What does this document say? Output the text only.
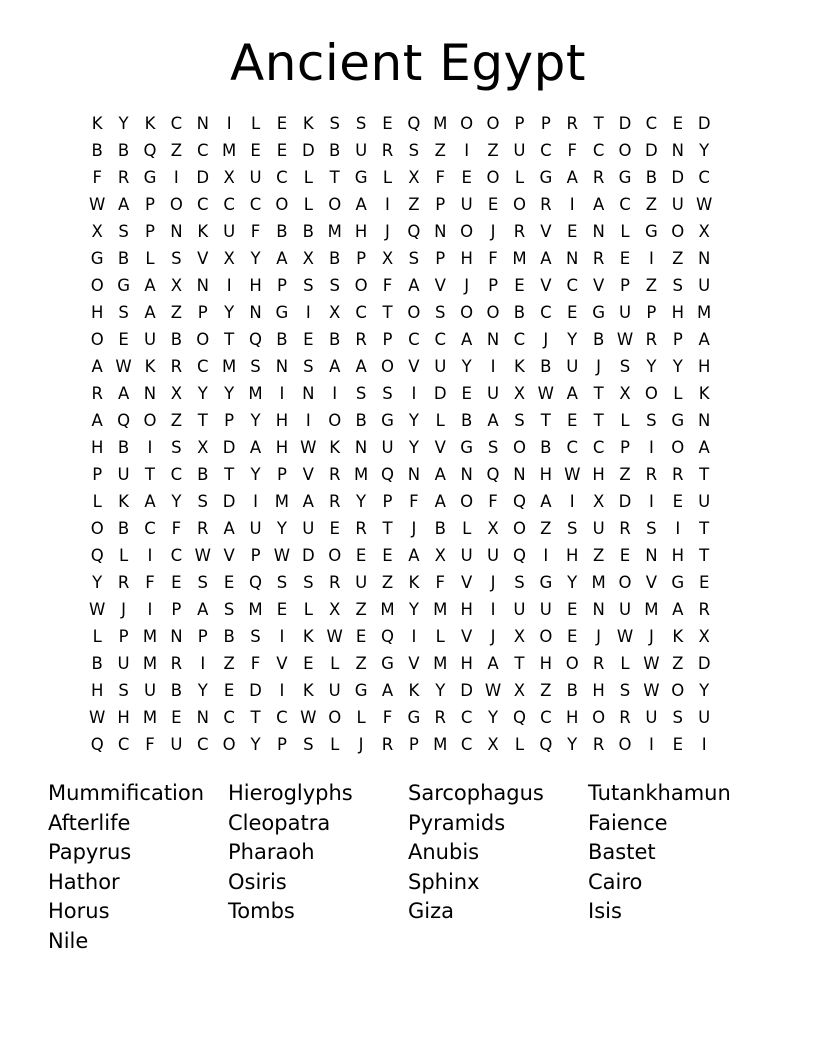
Ancient Egypt
K Y K C N	I	L	E K S S E Q M O O P P R T D C E D
B B Q Z C M E E D B U R S Z	I	Z U C F C O D N Y
F R G	I	D X U C L	T G L X F E O L G A R G B D C
W A P O C C C O L O A	I	Z P U E O R	I	A C Z U W
X S P N K U F B B M H	J	Q N O	J	R V E N L G O X
G B L	S V X Y A X B P X S P H F M A N R E	I	Z N
O G A X N	I	H P S S O F A V	J	P E V C V P Z S U
H S A Z P Y N G	I	X C T O S O O B C E G U P H M
O E U B O T Q B E B R P C C A N C	J	Y B W R P A
A W K R C M S N S A A O V U Y	I	K B U	J	S Y Y H
R A N X Y Y M	I	N	I	S S	I	D E U X W A T X O L K
A Q O Z T P Y H	I	O B G Y	L B A S T E T	L	S G N
H B	I	S X D A H W K N U Y V G S O B C C P	I	O A
P U T C B T Y P V R M Q N A N Q N H W H Z R R T
L K A Y S D	I	M A R Y P	F A O F Q A	I	X D	I	E U
O B C F R A U Y U E R T	J	B L X O Z S U R S	I	T
Q L	I	C W V P W D O E E A X U U Q	I	H Z E N H T
Y R F E S E Q S S R U Z K F V	J	S G Y M O V G E
W J	I	P A S M E	L X Z M Y M H	I	U U E N U M A R
L	P M N P B S	I	K W E Q	I	L V	J	X O E	J W J	K X
B U M R	I	Z F V E	L Z G V M H A T H O R L W Z D
H S U B Y E D	I	K U G A K Y D W X Z B H S W O Y
W H M E N C T C W O L	F G R C Y Q C H O R U S U
Q C F U C O Y P S	L	J	R P M C X L Q Y R O	I	E	I
Mummification Hieroglyphs	Sarcophagus Tutankhamun
Afterlife	Cleopatra	Pyramids	Faience
Papyrus	Pharaoh	Anubis	Bastet
Hathor	Osiris	Sphinx	Cairo
Horus	Tombs	Giza	Isis
Nile
